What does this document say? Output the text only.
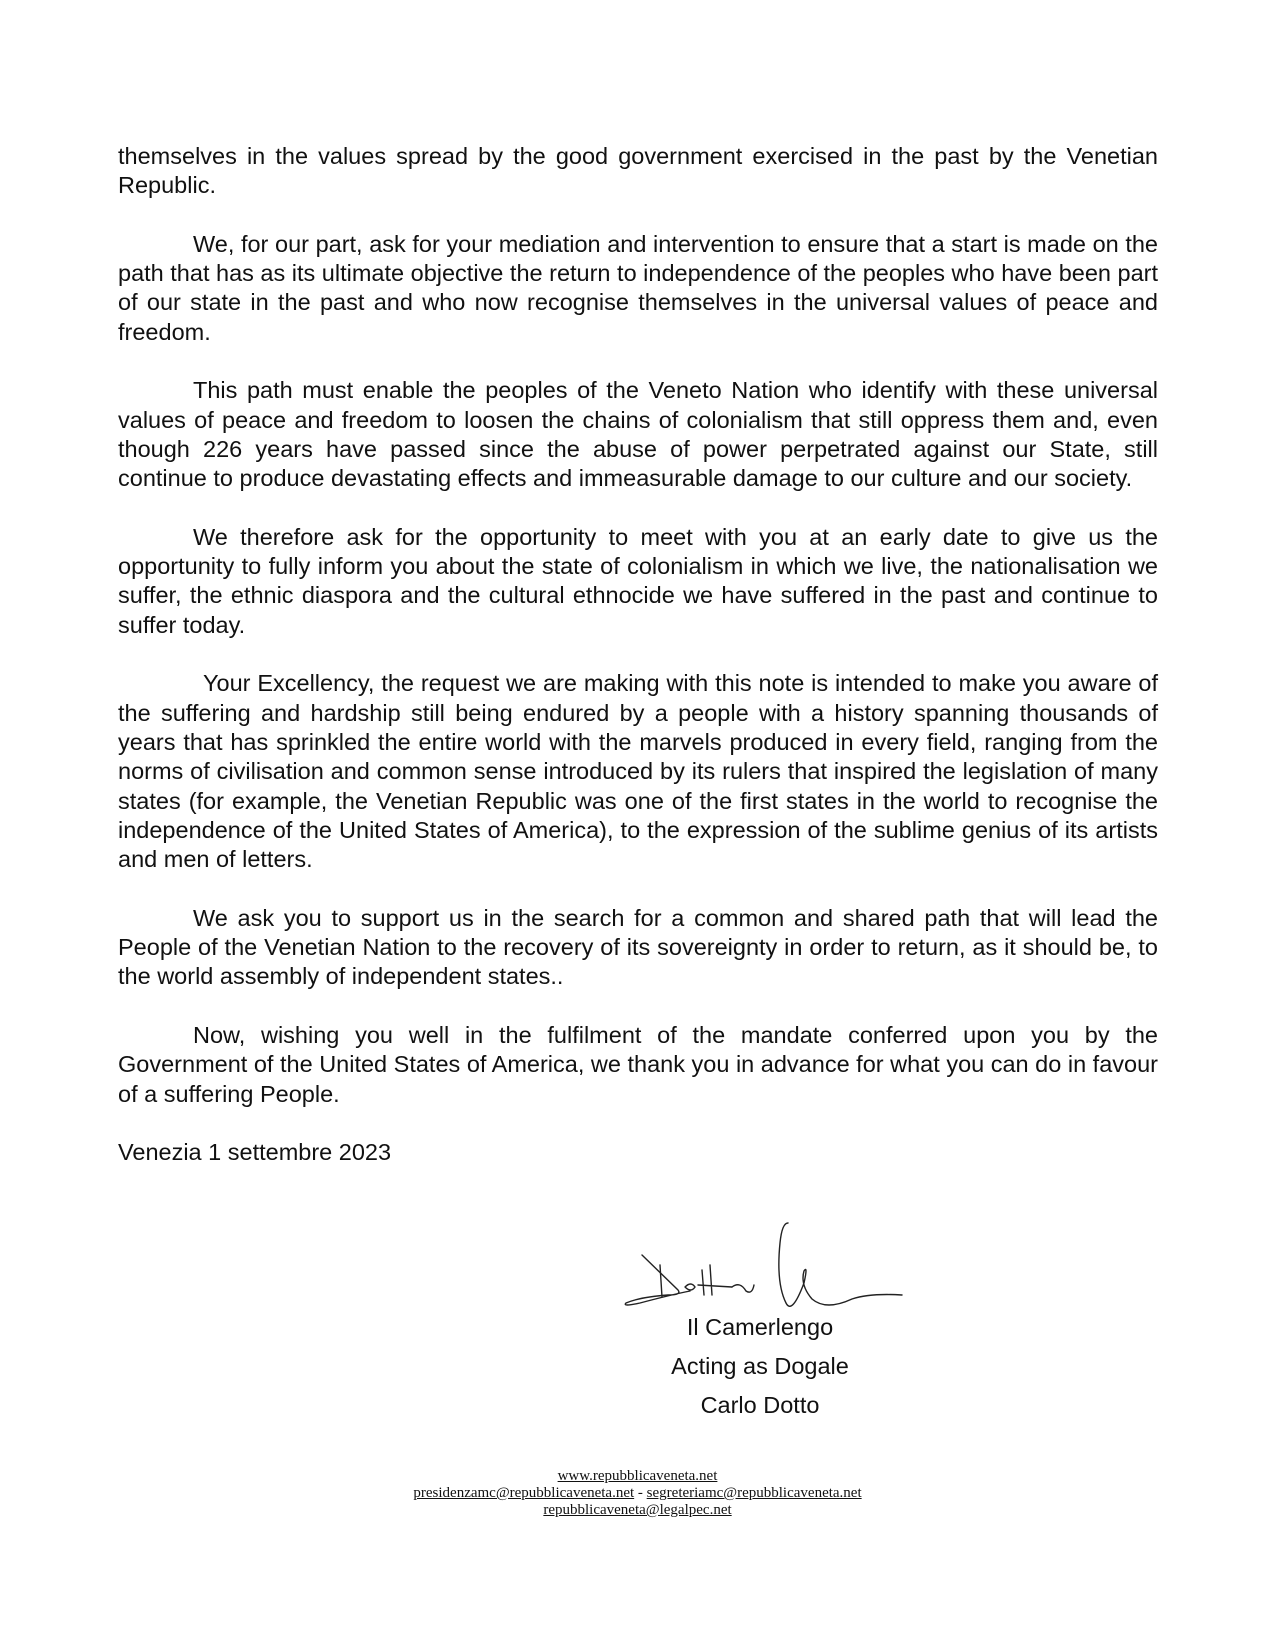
themselves in the values spread by the good government exercised in the past by the Venetian Republic.

We, for our part, ask for your mediation and intervention to ensure that a start is made on the path that has as its ultimate objective the return to independence of the peoples who have been part of our state in the past and who now recognise themselves in the universal values of peace and freedom.

This path must enable the peoples of the Veneto Nation who identify with these universal values of peace and freedom to loosen the chains of colonialism that still oppress them and, even though 226 years have passed since the abuse of power perpetrated against our State, still continue to produce devastating effects and immeasurable damage to our culture and our society.

We therefore ask for the opportunity to meet with you at an early date to give us the opportunity to fully inform you about the state of colonialism in which we live, the nationalisation we suffer, the ethnic diaspora and the cultural ethnocide we have suffered in the past and continue to suffer today.

Your Excellency, the request we are making with this note is intended to make you aware of the suffering and hardship still being endured by a people with a history spanning thousands of years that has sprinkled the entire world with the marvels produced in every field, ranging from the norms of civilisation and common sense introduced by its rulers that inspired the legislation of many states (for example, the Venetian Republic was one of the first states in the world to recognise the independence of the United States of America), to the expression of the sublime genius of its artists and men of letters.

We ask you to support us in the search for a common and shared path that will lead the People of the Venetian Nation to the recovery of its sovereignty in order to return, as it should be, to the world assembly of independent states..

Now, wishing you well in the fulfilment of the mandate conferred upon you by the Government of the United States of America, we thank you in advance for what you can do in favour of a suffering People.

Venezia 1 settembre 2023

Il Camerlengo
Acting as Dogale
Carlo Dotto
www.repubblicaveneta.net
presidenzamc@repubblicaveneta.net - segreteriamc@repubblicaveneta.net
repubblicaveneta@legalpec.net
